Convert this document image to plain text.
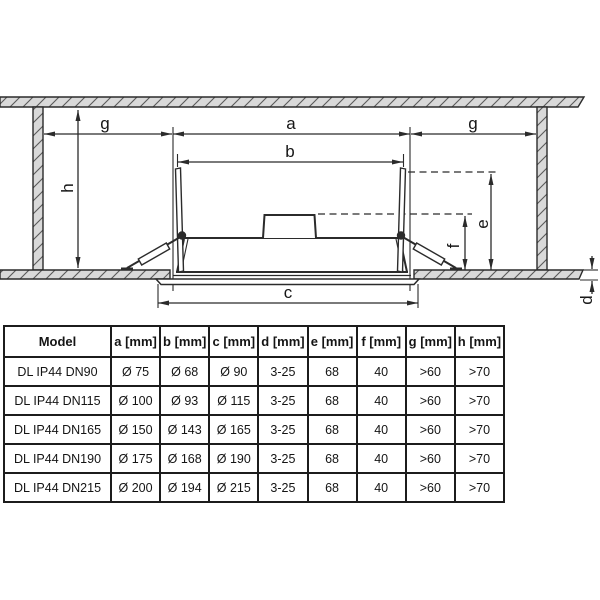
g	a	g
b
c
h
e
f
d
Model	a [mm]	b [mm]	c [mm]	d [mm]	e [mm]	f [mm]	g [mm]	h [mm]
DL IP44 DN90	Ø 75	Ø 68	Ø 90	3-25	68	40	>60	>70
DL IP44 DN115	Ø 100	Ø 93	Ø 115	3-25	68	40	>60	>70
DL IP44 DN165	Ø 150	Ø 143	Ø 165	3-25	68	40	>60	>70
DL IP44 DN190	Ø 175	Ø 168	Ø 190	3-25	68	40	>60	>70
DL IP44 DN215	Ø 200	Ø 194	Ø 215	3-25	68	40	>60	>70
